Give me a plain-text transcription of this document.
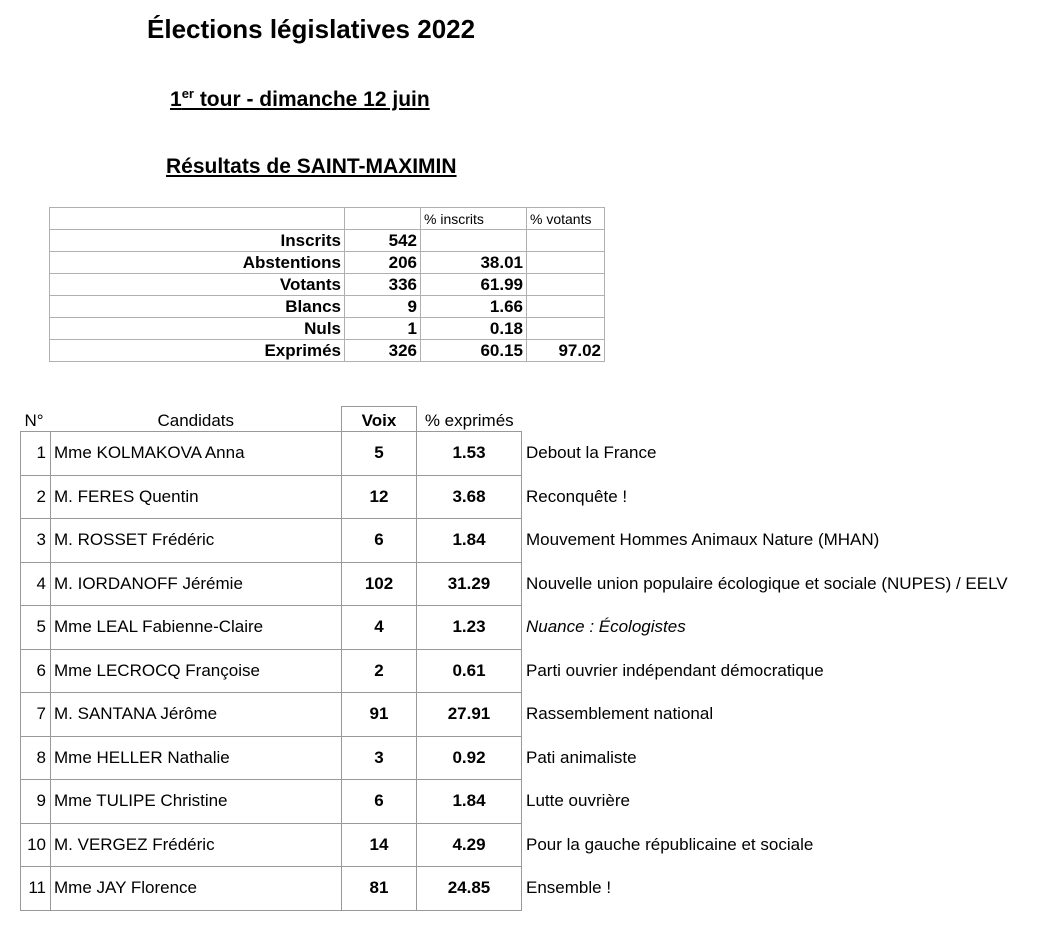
Élections législatives 2022
1er tour - dimanche 12 juin
Résultats de SAINT-MAXIMIN
		% inscrits	% votants
Inscrits	542		
Abstentions	206	38.01	
Votants	336	61.99	
Blancs	9	1.66	
Nuls	1	0.18	
Exprimés	326	60.15	97.02
N°	Candidats	Voix	% exprimés	
1	Mme KOLMAKOVA Anna	5	1.53	Debout la France
2	M. FERES Quentin	12	3.68	Reconquête !
3	M. ROSSET Frédéric	6	1.84	Mouvement Hommes Animaux Nature (MHAN)
4	M. IORDANOFF Jérémie	102	31.29	Nouvelle union populaire écologique et sociale (NUPES) / EELV
5	Mme LEAL Fabienne-Claire	4	1.23	Nuance : Écologistes
6	Mme LECROCQ Françoise	2	0.61	Parti ouvrier indépendant démocratique
7	M. SANTANA Jérôme	91	27.91	Rassemblement national
8	Mme HELLER Nathalie	3	0.92	Pati animaliste
9	Mme TULIPE Christine	6	1.84	Lutte ouvrière
10	M. VERGEZ Frédéric	14	4.29	Pour la gauche républicaine et sociale
11	Mme JAY Florence	81	24.85	Ensemble !
